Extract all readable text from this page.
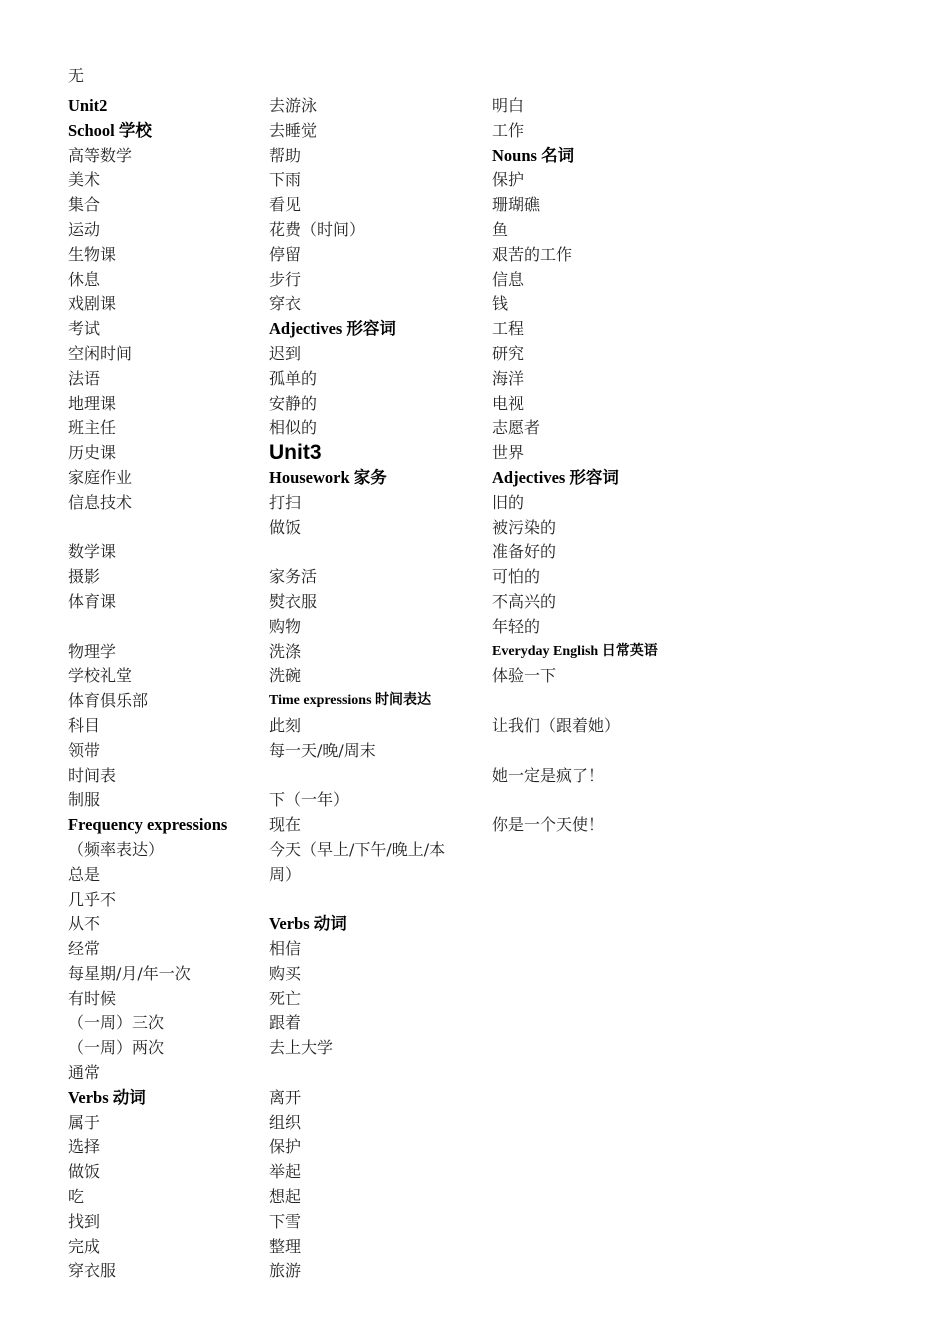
无
Unit2
School 学校
高等数学
美术
集合
运动
生物课
休息
戏剧课
考试
空闲时间
法语
地理课
班主任
历史课
家庭作业
信息技术
数学课
摄影
体育课
物理学
学校礼堂
体育俱乐部
科目
领带
时间表
制服
Frequency expressions
（频率表达）
总是
几乎不
从不
经常
每星期/月/年一次
有时候
（一周）三次
（一周）两次
通常
Verbs 动词
属于
选择
做饭
吃
找到
完成
穿衣服
去游泳
去睡觉
帮助
下雨
看见
花费（时间）
停留
步行
穿衣
Adjectives 形容词
迟到
孤单的
安静的
相似的
Unit3
Housework 家务
打扫
做饭
家务活
熨衣服
购物
洗涤
洗碗
Time expressions 时间表达
此刻
每一天/晚/周末
下（一年）
现在
今天（早上/下午/晚上/本周）
Verbs 动词
相信
购买
死亡
跟着
去上大学
离开
组织
保护
举起
想起
下雪
整理
旅游
明白
工作
Nouns 名词
保护
珊瑚礁
鱼
艰苦的工作
信息
钱
工程
研究
海洋
电视
志愿者
世界
Adjectives 形容词
旧的
被污染的
准备好的
可怕的
不高兴的
年轻的
Everyday English 日常英语
体验一下
让我们（跟着她）
她一定是疯了！
你是一个天使！
